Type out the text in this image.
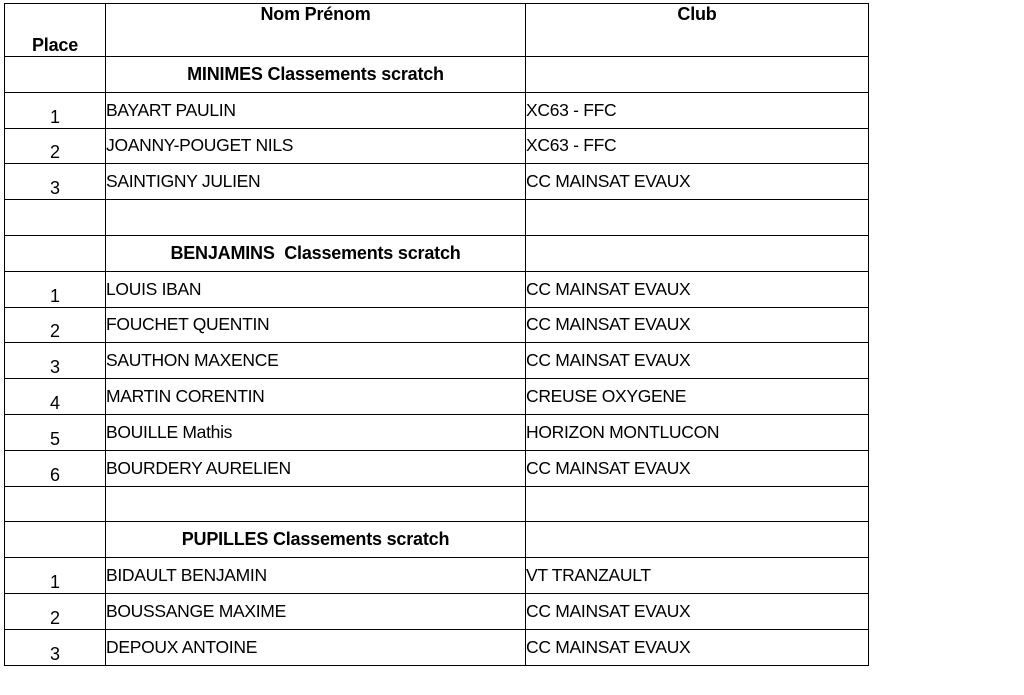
Place	Nom Prénom	Club
	MINIMES Classements scratch	
1	BAYART PAULIN	XC63 - FFC
2	JOANNY-POUGET NILS	XC63 - FFC
3	SAINTIGNY JULIEN	CC MAINSAT EVAUX

	BENJAMINS  Classements scratch	
1	LOUIS IBAN	CC MAINSAT EVAUX
2	FOUCHET QUENTIN	CC MAINSAT EVAUX
3	SAUTHON MAXENCE	CC MAINSAT EVAUX
4	MARTIN CORENTIN	CREUSE OXYGENE
5	BOUILLE Mathis	HORIZON MONTLUCON
6	BOURDERY AURELIEN	CC MAINSAT EVAUX

	PUPILLES Classements scratch	
1	BIDAULT BENJAMIN	VT TRANZAULT
2	BOUSSANGE MAXIME	CC MAINSAT EVAUX
3	DEPOUX ANTOINE	CC MAINSAT EVAUX
